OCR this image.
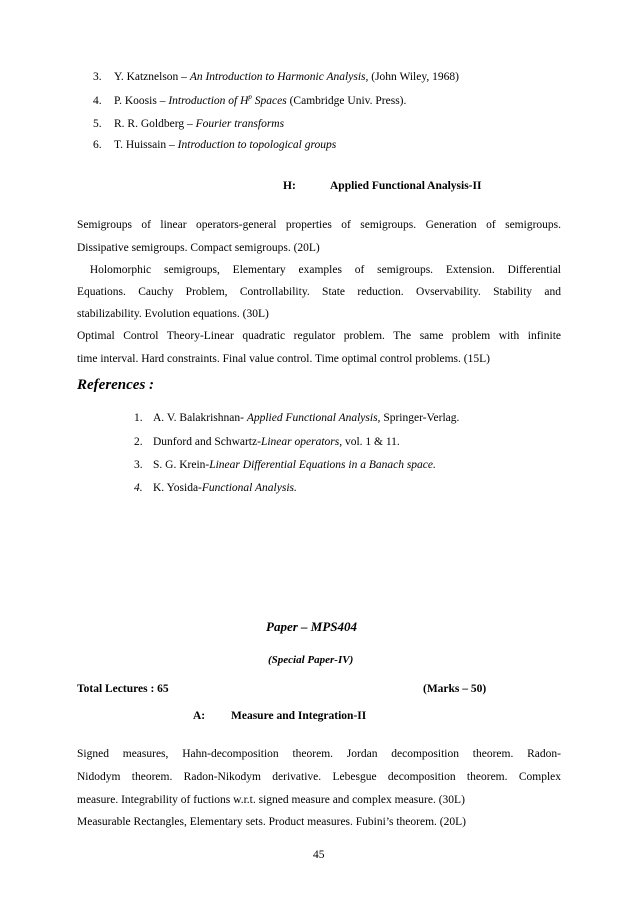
3.	Y. Katznelson – An Introduction to Harmonic Analysis, (John Wiley, 1968)
4.	P. Koosis – Introduction of $H^p$ Spaces (Cambridge Univ. Press).
5.	R. R. Goldberg – Fourier transforms
6.	T. Huissain – Introduction to topological groups
H:	Applied Functional Analysis-II
Semigroups of linear operators-general properties of semigroups. Generation of semigroups.
Dissipative semigroups. Compact semigroups. (20L)
Holomorphic semigroups, Elementary examples of semigroups. Extension. Differential
Equations. Cauchy Problem, Controllability. State reduction. Ovservability. Stability and
stabilizability. Evolution equations. (30L)
Optimal Control Theory-Linear quadratic regulator problem. The same problem with infinite
time interval. Hard constraints. Final value control. Time optimal control problems. (15L)
References :
1. A. V. Balakrishnan- Applied Functional Analysis, Springer-Verlag.
2. Dunford and Schwartz-Linear operators, vol. 1 & 11.
3. S. G. Krein-Linear Differential Equations in a Banach space.
4. K. Yosida-Functional Analysis.
Paper – MPS404
(Special Paper-IV)
Total Lectures : 65	(Marks – 50)
A: Measure and Integration-II
Signed measures, Hahn-decomposition theorem. Jordan decomposition theorem. Radon-
Nidodym theorem. Radon-Nikodym derivative. Lebesgue decomposition theorem. Complex
measure. Integrability of fuctions w.r.t. signed measure and complex measure. (30L)
Measurable Rectangles, Elementary sets. Product measures. Fubini’s theorem. (20L)
45
